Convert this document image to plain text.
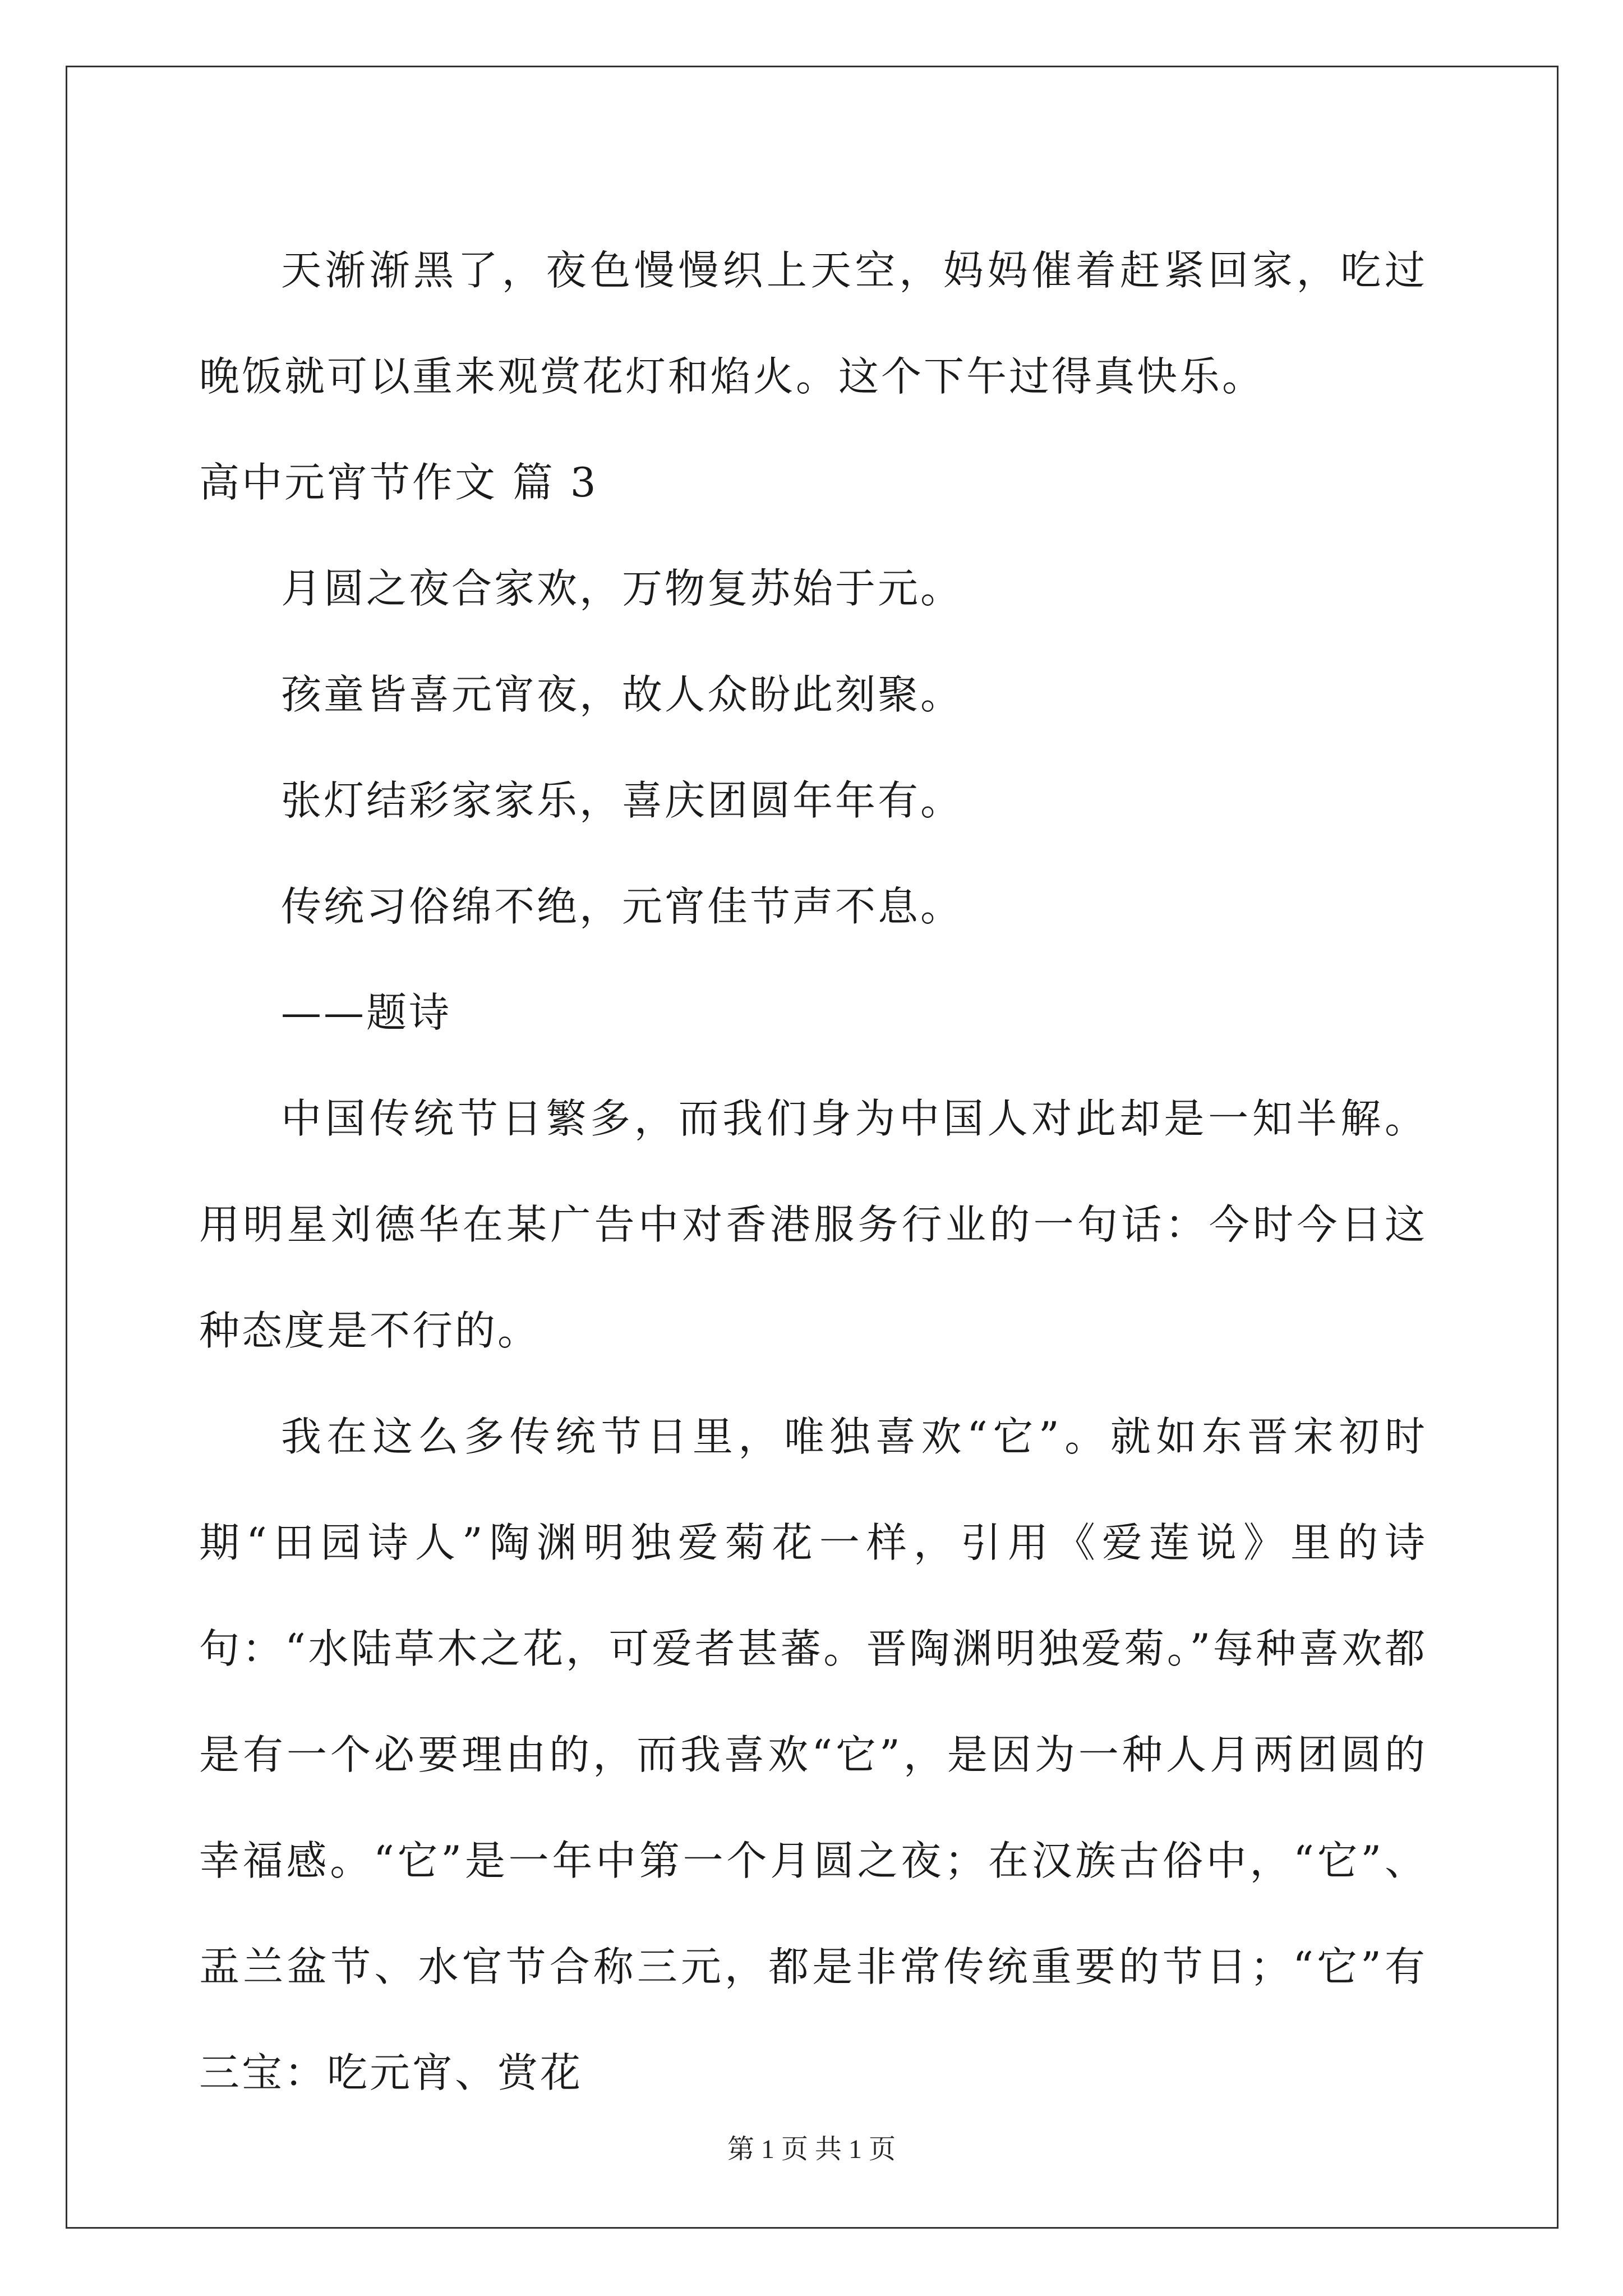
天渐渐黑了，夜色慢慢织上天空，妈妈催着赶紧回家，吃过晚饭就可以重来观赏花灯和焰火。这个下午过得真快乐。

高中元宵节作文 篇 3

月圆之夜合家欢，万物复苏始于元。

孩童皆喜元宵夜，故人众盼此刻聚。

张灯结彩家家乐，喜庆团圆年年有。

传统习俗绵不绝，元宵佳节声不息。

——题诗

中国传统节日繁多，而我们身为中国人对此却是一知半解。用明星刘德华在某广告中对香港服务行业的一句话：今时今日这种态度是不行的。

我在这么多传统节日里，唯独喜欢“它”。就如东晋宋初时期“田园诗人”陶渊明独爱菊花一样，引用《爱莲说》里的诗句：“水陆草木之花，可爱者甚蕃。晋陶渊明独爱菊。”每种喜欢都是有一个必要理由的，而我喜欢“它”，是因为一种人月两团圆的幸福感。“它”是一年中第一个月圆之夜；在汉族古俗中，“它”、盂兰盆节、水官节合称三元，都是非常传统重要的节日；“它”有三宝：吃元宵、赏花

第 1 页 共 1 页
